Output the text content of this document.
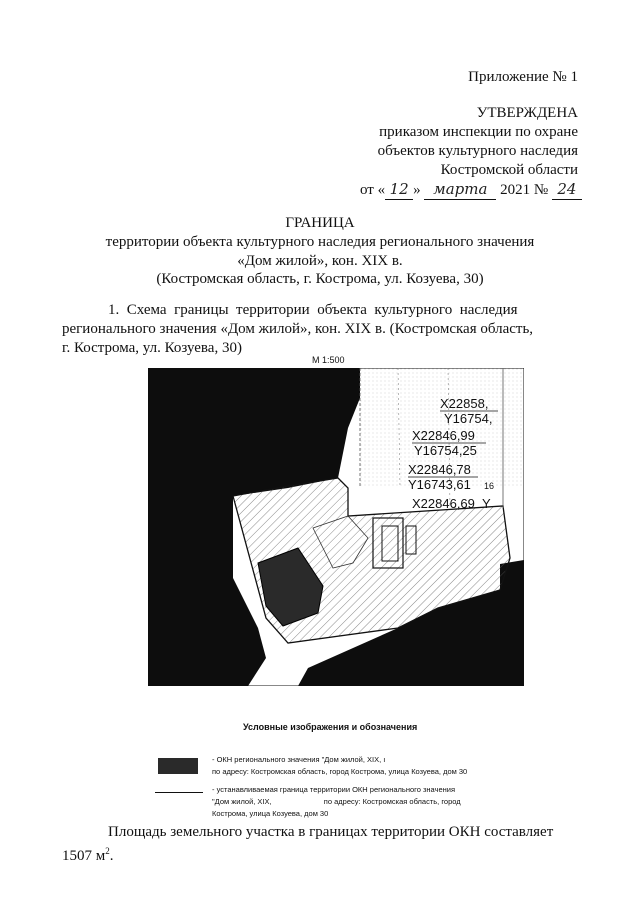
Приложение № 1
УТВЕРЖДЕНА
приказом инспекции по охране
объектов культурного наследия
Костромской области
от « 12 » марта 2021 № 24
ГРАНИЦА
территории объекта культурного наследия регионального значения
«Дом жилой», кон. XIX в.
(Костромская область, г. Кострома, ул. Козуева, 30)
1.  Схема  границы  территории  объекта  культурного  наследия
регионального значения «Дом жилой», кон. XIX в. (Костромская область,
г. Кострома, ул. Козуева, 30)
М 1:500
Х22858,
Y16754,
Х22846,99
Y16754,25
Х22846,78
Y16743,61 16
Х22846,69 Y
Условные изображения и обозначения
- ОКН регионального значения "Дом жилой, XIX, ı
по адресу: Костромская область, город Кострома, улица Козуева, дом 30
- устанавливаемая граница территории ОКН регионального значения
"Дом жилой, XIX,	по адресу: Костромская область, город
Кострома, улица Козуева, дом 30
Площадь земельного участка в границах территории ОКН составляет
1507 $м^2$.
